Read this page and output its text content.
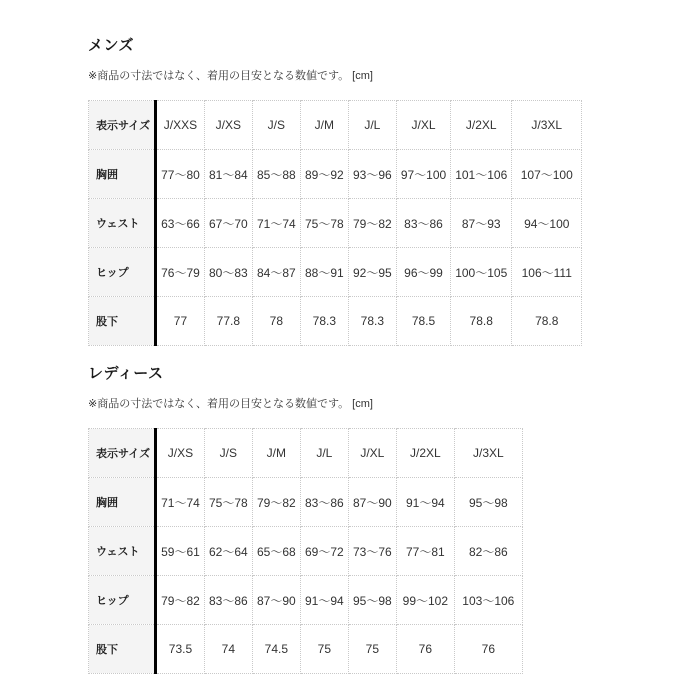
メンズ

※商品の寸法ではなく、着用の目安となる数値です。 [cm]

表示サイズ	J/XXS	J/XS	J/S	J/M	J/L	J/XL	J/2XL	J/3XL
胸囲	77〜80	81〜84	85〜88	89〜92	93〜96	97〜100	101〜106	107〜100
ウェスト	63〜66	67〜70	71〜74	75〜78	79〜82	83〜86	87〜93	94〜100
ヒップ	76〜79	80〜83	84〜87	88〜91	92〜95	96〜99	100〜105	106〜111
股下	77	77.8	78	78.3	78.3	78.5	78.8	78.8
レディース

※商品の寸法ではなく、着用の目安となる数値です。 [cm]

表示サイズ	J/XS	J/S	J/M	J/L	J/XL	J/2XL	J/3XL
胸囲	71〜74	75〜78	79〜82	83〜86	87〜90	91〜94	95〜98
ウェスト	59〜61	62〜64	65〜68	69〜72	73〜76	77〜81	82〜86
ヒップ	79〜82	83〜86	87〜90	91〜94	95〜98	99〜102	103〜106
股下	73.5	74	74.5	75	75	76	76
